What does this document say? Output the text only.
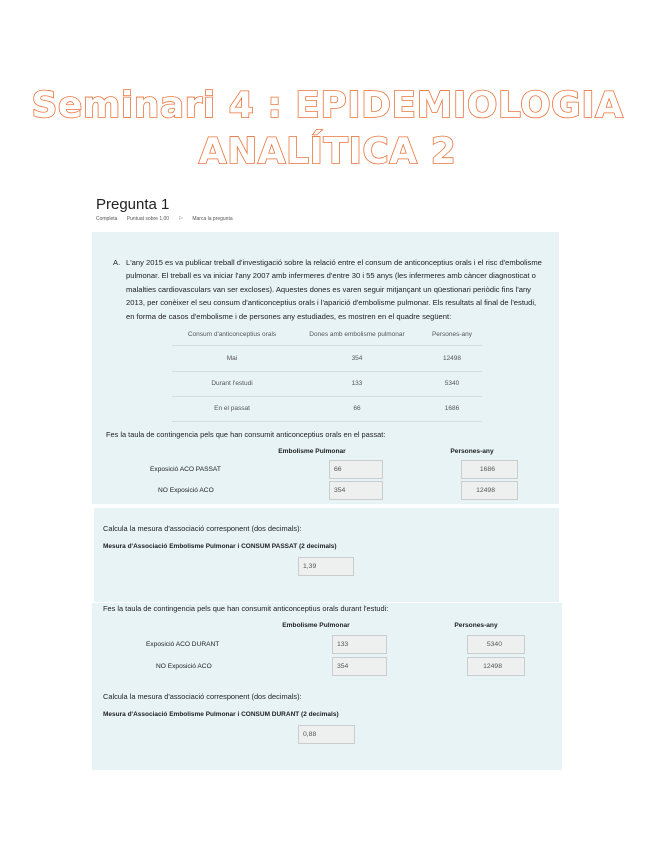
Seminari 4 : EPIDEMIOLOGIA
ANALÍTICA 2
Pregunta 1
Completa Puntuat sobre 1,00 ⚐ Marca la pregunta
A. L'any 2015 es va publicar treball d'investigació sobre la relació entre el consum de anticonceptius orals i el risc d'embolisme pulmonar. El treball es va iniciar l'any 2007 amb infermeres d'entre 30 i 55 anys (les infermeres amb càncer diagnosticat o malalties cardiovasculars van ser excloses). Aquestes dones es varen seguir mitjançant un qüestionari periòdic fins l'any 2013, per conèixer el seu consum d'anticonceptius orals i l'aparició d'embolisme pulmonar. Els resultats al final de l'estudi, en forma de casos d'embolisme i de persones any estudiades, es mostren en el quadre següent:
Consum d'anticonceptius orals	Dones amb embolisme pulmonar	Persones-any
Mai	354	12498
Durant l'estudi	133	5340
En el passat	66	1686
Fes la taula de contingencia pels que han consumit anticonceptius orals en el passat:
Embolisme Pulmonar	Persones-any
Exposició ACO PASSAT	66	1686
NO Exposició ACO	354	12498
Calcula la mesura d'associació corresponent (dos decimals):
Mesura d'Associació Embolisme Pulmonar i CONSUM PASSAT (2 decimals)
1,39
Fes la taula de contingencia pels que han consumit anticonceptius orals durant l'estudi:
Embolisme Pulmonar	Persones-any
Exposició ACO DURANT	133	5340
NO Exposició ACO	354	12498
Calcula la mesura d'associació corresponent (dos decimals):
Mesura d'Associació Embolisme Pulmonar i CONSUM DURANT (2 decimals)
0,88
